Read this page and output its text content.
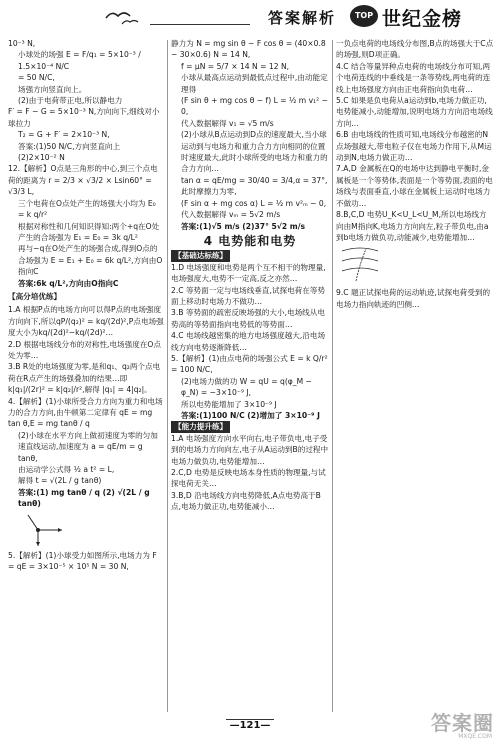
答案解析	TOP 世纪金榜

10⁻³ N,

小球处的场强 E = F/q₁ = 5×10⁻³ / 1.5×10⁻⁴ N/C

= 50 N/C,

场强方向竖直向上。

(2)由于电荷带正电,所以静电力

F′ = F − G = 5×10⁻³ N,方向向下,细线对小球拉力

T₂ = G + F′ = 2×10⁻³ N,

答案:(1)50 N/C,方向竖直向上

(2)2×10⁻² N

12.【解析】O点是三角形的中心,到三个点电荷的距离为 r = 2/3 × √3/2 × Lsin60° = √3/3 L,

三个电荷在O点处产生的场强大小均为 E₀ = k q/r²

根据对称性和几何知识得知:两个+q在O处产生的合场强为 E₁ = E₀ = 3k q/L²

再与−q在O处产生的场强合成,得到O点的合场强为 E = E₁ + E₀ = 6k q/L²,方向由O指向C

答案:6k q/L²,方向由O指向C

【高分培优练】

1.A 根据P点的电场方向可以得P点的电场强度方向向下,所以qP/(q₂)² = kq/(2d)²,P点电场强度大小为kq/(2d)²−kq/(2d)²…

2.D 根据电场线分布的对称性,电场强度在O点处为零…

3.B R处的电场强度为零,是和q₁、q₂两个点电荷在R点产生的场强叠加的结果…即 k|q₁|/(2r)² = k|q₂|/r²,解得 |q₁| = 4|q₂|。

4.【解析】(1)小球所受合力方向为重力和电场力的合力方向,由牛顿第二定律有 qE = mg tan θ,E = mg tanθ / q

(2)小球在水平方向上做初速度为零的匀加速直线运动,加速度为 a = qE/m = g tanθ,

由运动学公式得 ½ a t² = L,

解得 t = √(2L / g tanθ)

答案:(1) mg tanθ / q (2) √(2L / g tanθ)

5.【解析】(1)小球受力如图所示,电场力为 F = qE = 3×10⁻⁵ × 10⁵ N = 30 N,

静力为 N = mg sin θ − F cos θ = (40×0.8 − 30×0.6) N = 14 N,

f = μN = 5/7 × 14 N = 12 N,

小球从最高点运动到最低点过程中,由动能定理得

(F sin θ + mg cos θ − f) L = ½ m v₁² − 0,

代入数据解得 v₁ = √5 m/s

(2)小球从B点运动到D点的速度最大,当小球运动到与电场力和重力合力方向相同的位置时速度最大,此时小球所受的电场力和重力的合力方向…

tan α = qE/mg = 30/40 = 3/4,α = 37°,此时摩擦力为零,

(F sin α + mg cos α) L = ½ m v²ₘ − 0,

代入数据解得 vₘ = 5√2 m/s

答案:(1)√5 m/s (2)37° 5√2 m/s

4 电势能和电势

【基础达标练】

1.D 电场强度和电势是两个互不相干的物理量,电场强度大,电势不一定高,反之亦然…

2.C 等势面一定与电场线垂直,试探电荷在等势面上移动时电场力不做功…

3.B 等势面的疏密反映场强的大小,电场线从电势高的等势面指向电势低的等势面…

4.C 电场线越密集的地方电场强度越大,沿电场线方向电势逐渐降低…

5.【解析】(1)由点电荷的场强公式 E = k Q/r² = 100 N/C,

(2)电场力做的功 W = qU = q(φ_M − φ_N) = −3×10⁻⁹ J,

所以电势能增加了 3×10⁻⁹ J

答案:(1)100 N/C (2)增加了 3×10⁻⁹ J

【能力提升练】

1.A 电场强度方向水平向右,电子带负电,电子受到的电场力方向向左,电子从A运动到B的过程中电场力做负功,电势能增加…

2.C,D 电势是反映电场本身性质的物理量,与试探电荷无关…

3.B,D 沿电场线方向电势降低,A点电势高于B点,电场力做正功,电势能减小…

一负点电荷的电场线分布图,B点的场强大于C点的场强,则D项正确。

4.C 结合等量异种点电荷的电场线分布可知,两个电荷连线的中垂线是一条等势线,两电荷的连线上电场强度方向由正电荷指向负电荷…

5.C 如果是负电荷从a运动到b,电场力做正功,电势能减小,动能增加,说明电场力方向沿电场线方向…

6.B 由电场线的性质可知,电场线分布越密的N点场强越大,带电粒子仅在电场力作用下,从M运动到N,电场力做正功…

7.A,D 金属板在Q的电场中达到静电平衡时,金属板是一个等势体,表面是一个等势面,表面的电场线与表面垂直,小球在金属板上运动时电场力不做功…

8.B,C,D 电势U_K<U_L<U_M,所以电场线方向由M指向K,电场力方向向左,粒子带负电,由a到b电场力做负功,动能减少,电势能增加…

9.C 题正试探电荷的运动轨迹,试探电荷受到的电场力指向轨迹的凹侧…

—121—	答案圈
MXQE.COM
